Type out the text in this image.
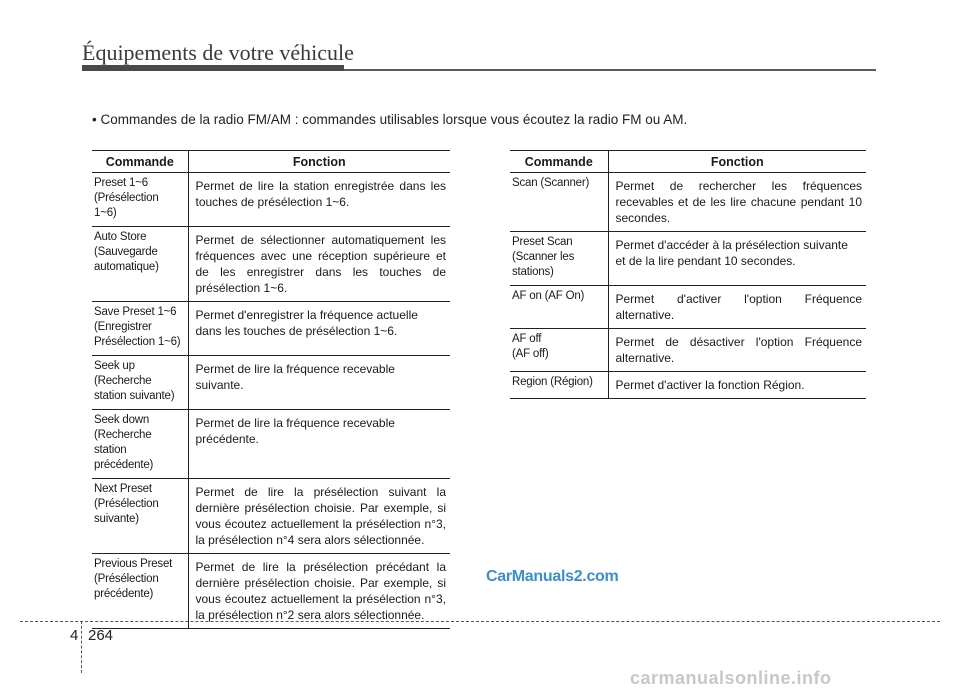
Équipements de votre véhicule
• Commandes de la radio FM/AM : commandes utilisables lorsque vous écoutez la radio FM ou AM.
Commande	Fonction
Preset 1~6
(Présélection 1~6)	Permet de lire la station enregistrée dans les touches de présélection 1~6.
Auto Store
(Sauvegarde
automatique)	Permet de sélectionner automatiquement les fréquences avec une réception supérieure et de les enregistrer dans les touches de présélection 1~6.
Save Preset 1~6
(Enregistrer
Présélection 1~6)	Permet d'enregistrer la fréquence actuelle
dans les touches de présélection 1~6.
Seek up
(Recherche
station suivante)	Permet de lire la fréquence recevable
suivante.
Seek down
(Recherche station
précédente)	Permet de lire la fréquence recevable
précédente.
Next Preset
(Présélection
suivante)	Permet de lire la présélection suivant la dernière présélection choisie. Par exemple, si vous écoutez actuellement la présélection n°3, la présélection n°4 sera alors sélectionnée.
Previous Preset
(Présélection
précédente)	Permet de lire la présélection précédant la dernière présélection choisie. Par exemple, si vous écoutez actuellement la présélection n°3, la présélection n°2 sera alors sélectionnée.
Commande	Fonction
Scan (Scanner)	Permet de rechercher les fréquences recevables et de les lire chacune pendant 10 secondes.
Preset Scan
(Scanner les
stations)	Permet d'accéder à la présélection suivante
et de la lire pendant 10 secondes.
AF on (AF On)	Permet d'activer l'option Fréquence alternative.
AF off
(AF off)	Permet de désactiver l'option Fréquence alternative.
Region (Région)	Permet d'activer la fonction Région.
CarManuals2.com
4 264
carmanualsonline.info
